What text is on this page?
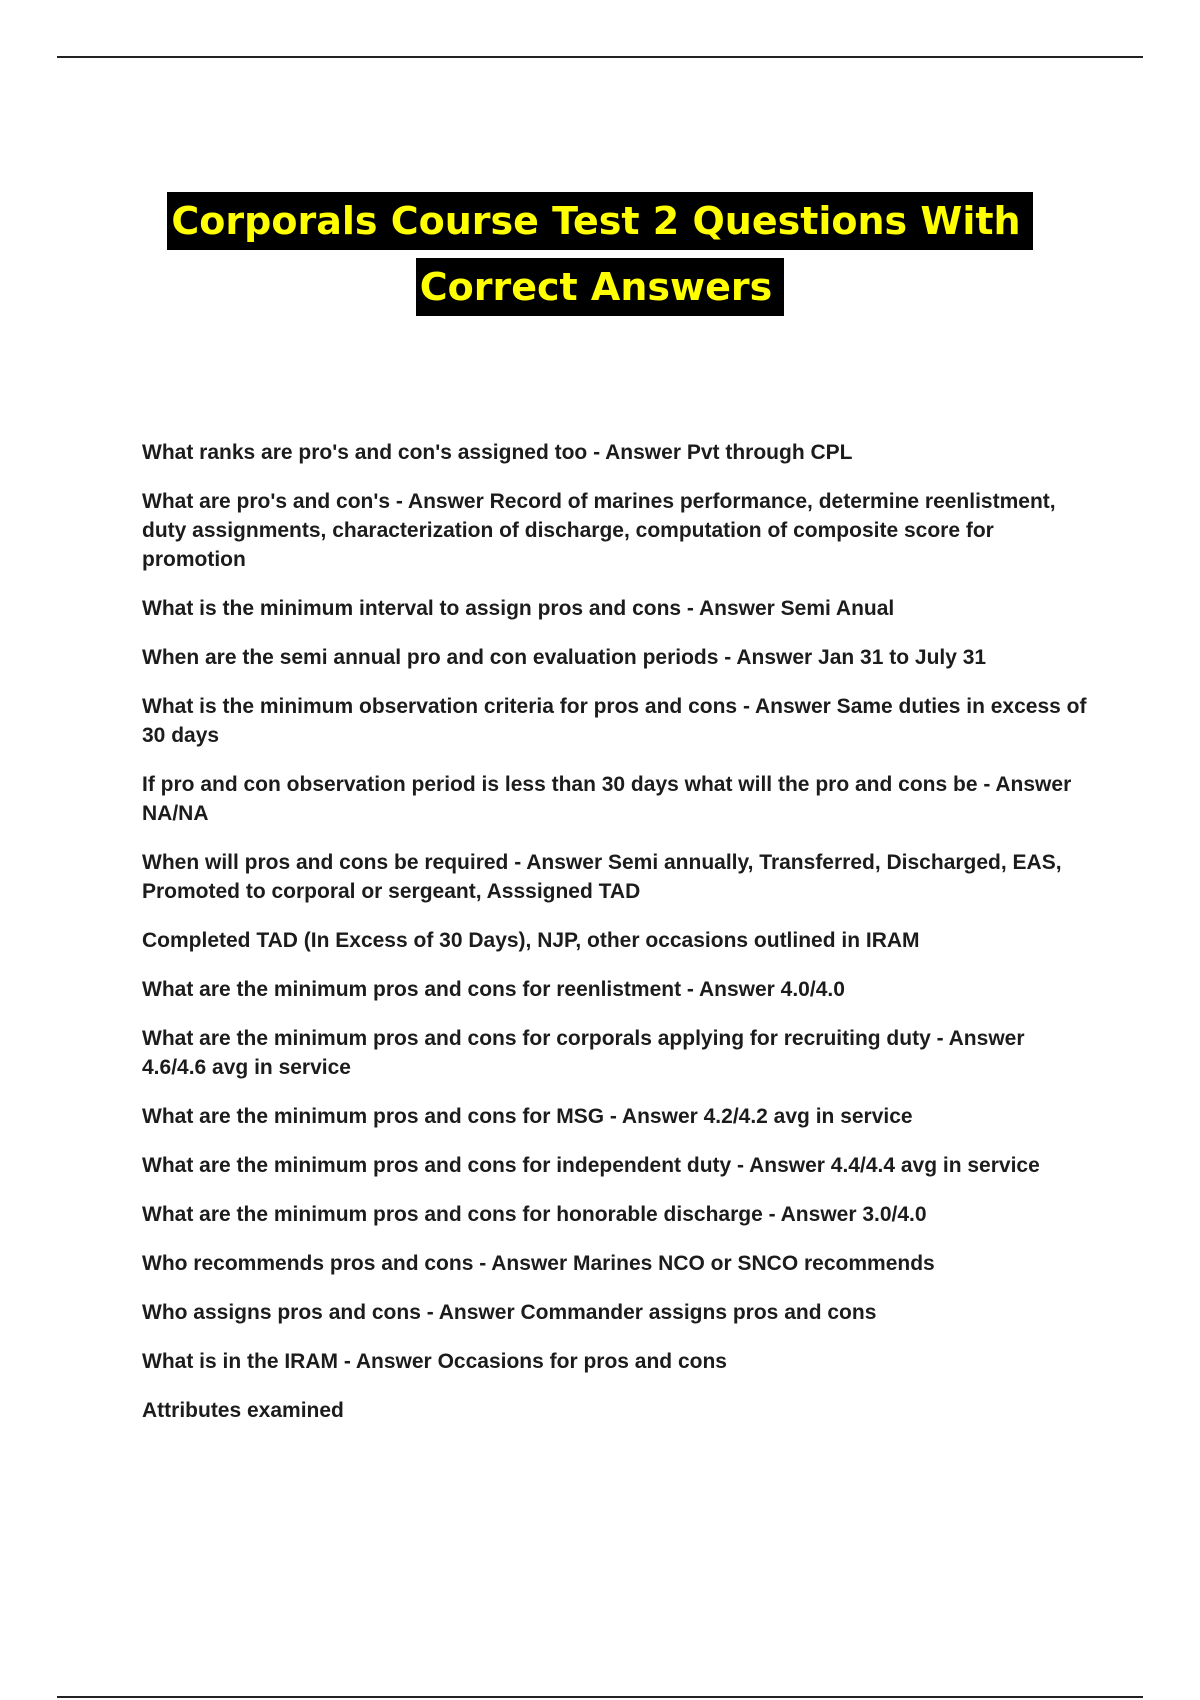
Corporals Course Test 2 Questions With
Correct Answers
What ranks are pro's and con's assigned too - Answer Pvt through CPL
What are pro's and con's - Answer Record of marines performance, determine reenlistment, duty assignments, characterization of discharge, computation of composite score for promotion
What is the minimum interval to assign pros and cons - Answer Semi Anual
When are the semi annual pro and con evaluation periods - Answer Jan 31 to July 31
What is the minimum observation criteria for pros and cons - Answer Same duties in excess of 30 days
If pro and con observation period is less than 30 days what will the pro and cons be - Answer NA/NA
When will pros and cons be required - Answer Semi annually, Transferred, Discharged, EAS, Promoted to corporal or sergeant, Asssigned TAD
Completed TAD (In Excess of 30 Days), NJP, other occasions outlined in IRAM
What are the minimum pros and cons for reenlistment - Answer 4.0/4.0
What are the minimum pros and cons for corporals applying for recruiting duty - Answer 4.6/4.6 avg in service
What are the minimum pros and cons for MSG - Answer 4.2/4.2 avg in service
What are the minimum pros and cons for independent duty - Answer 4.4/4.4 avg in service
What are the minimum pros and cons for honorable discharge - Answer 3.0/4.0
Who recommends pros and cons - Answer Marines NCO or SNCO recommends
Who assigns pros and cons - Answer Commander assigns pros and cons
What is in the IRAM - Answer Occasions for pros and cons
Attributes examined
